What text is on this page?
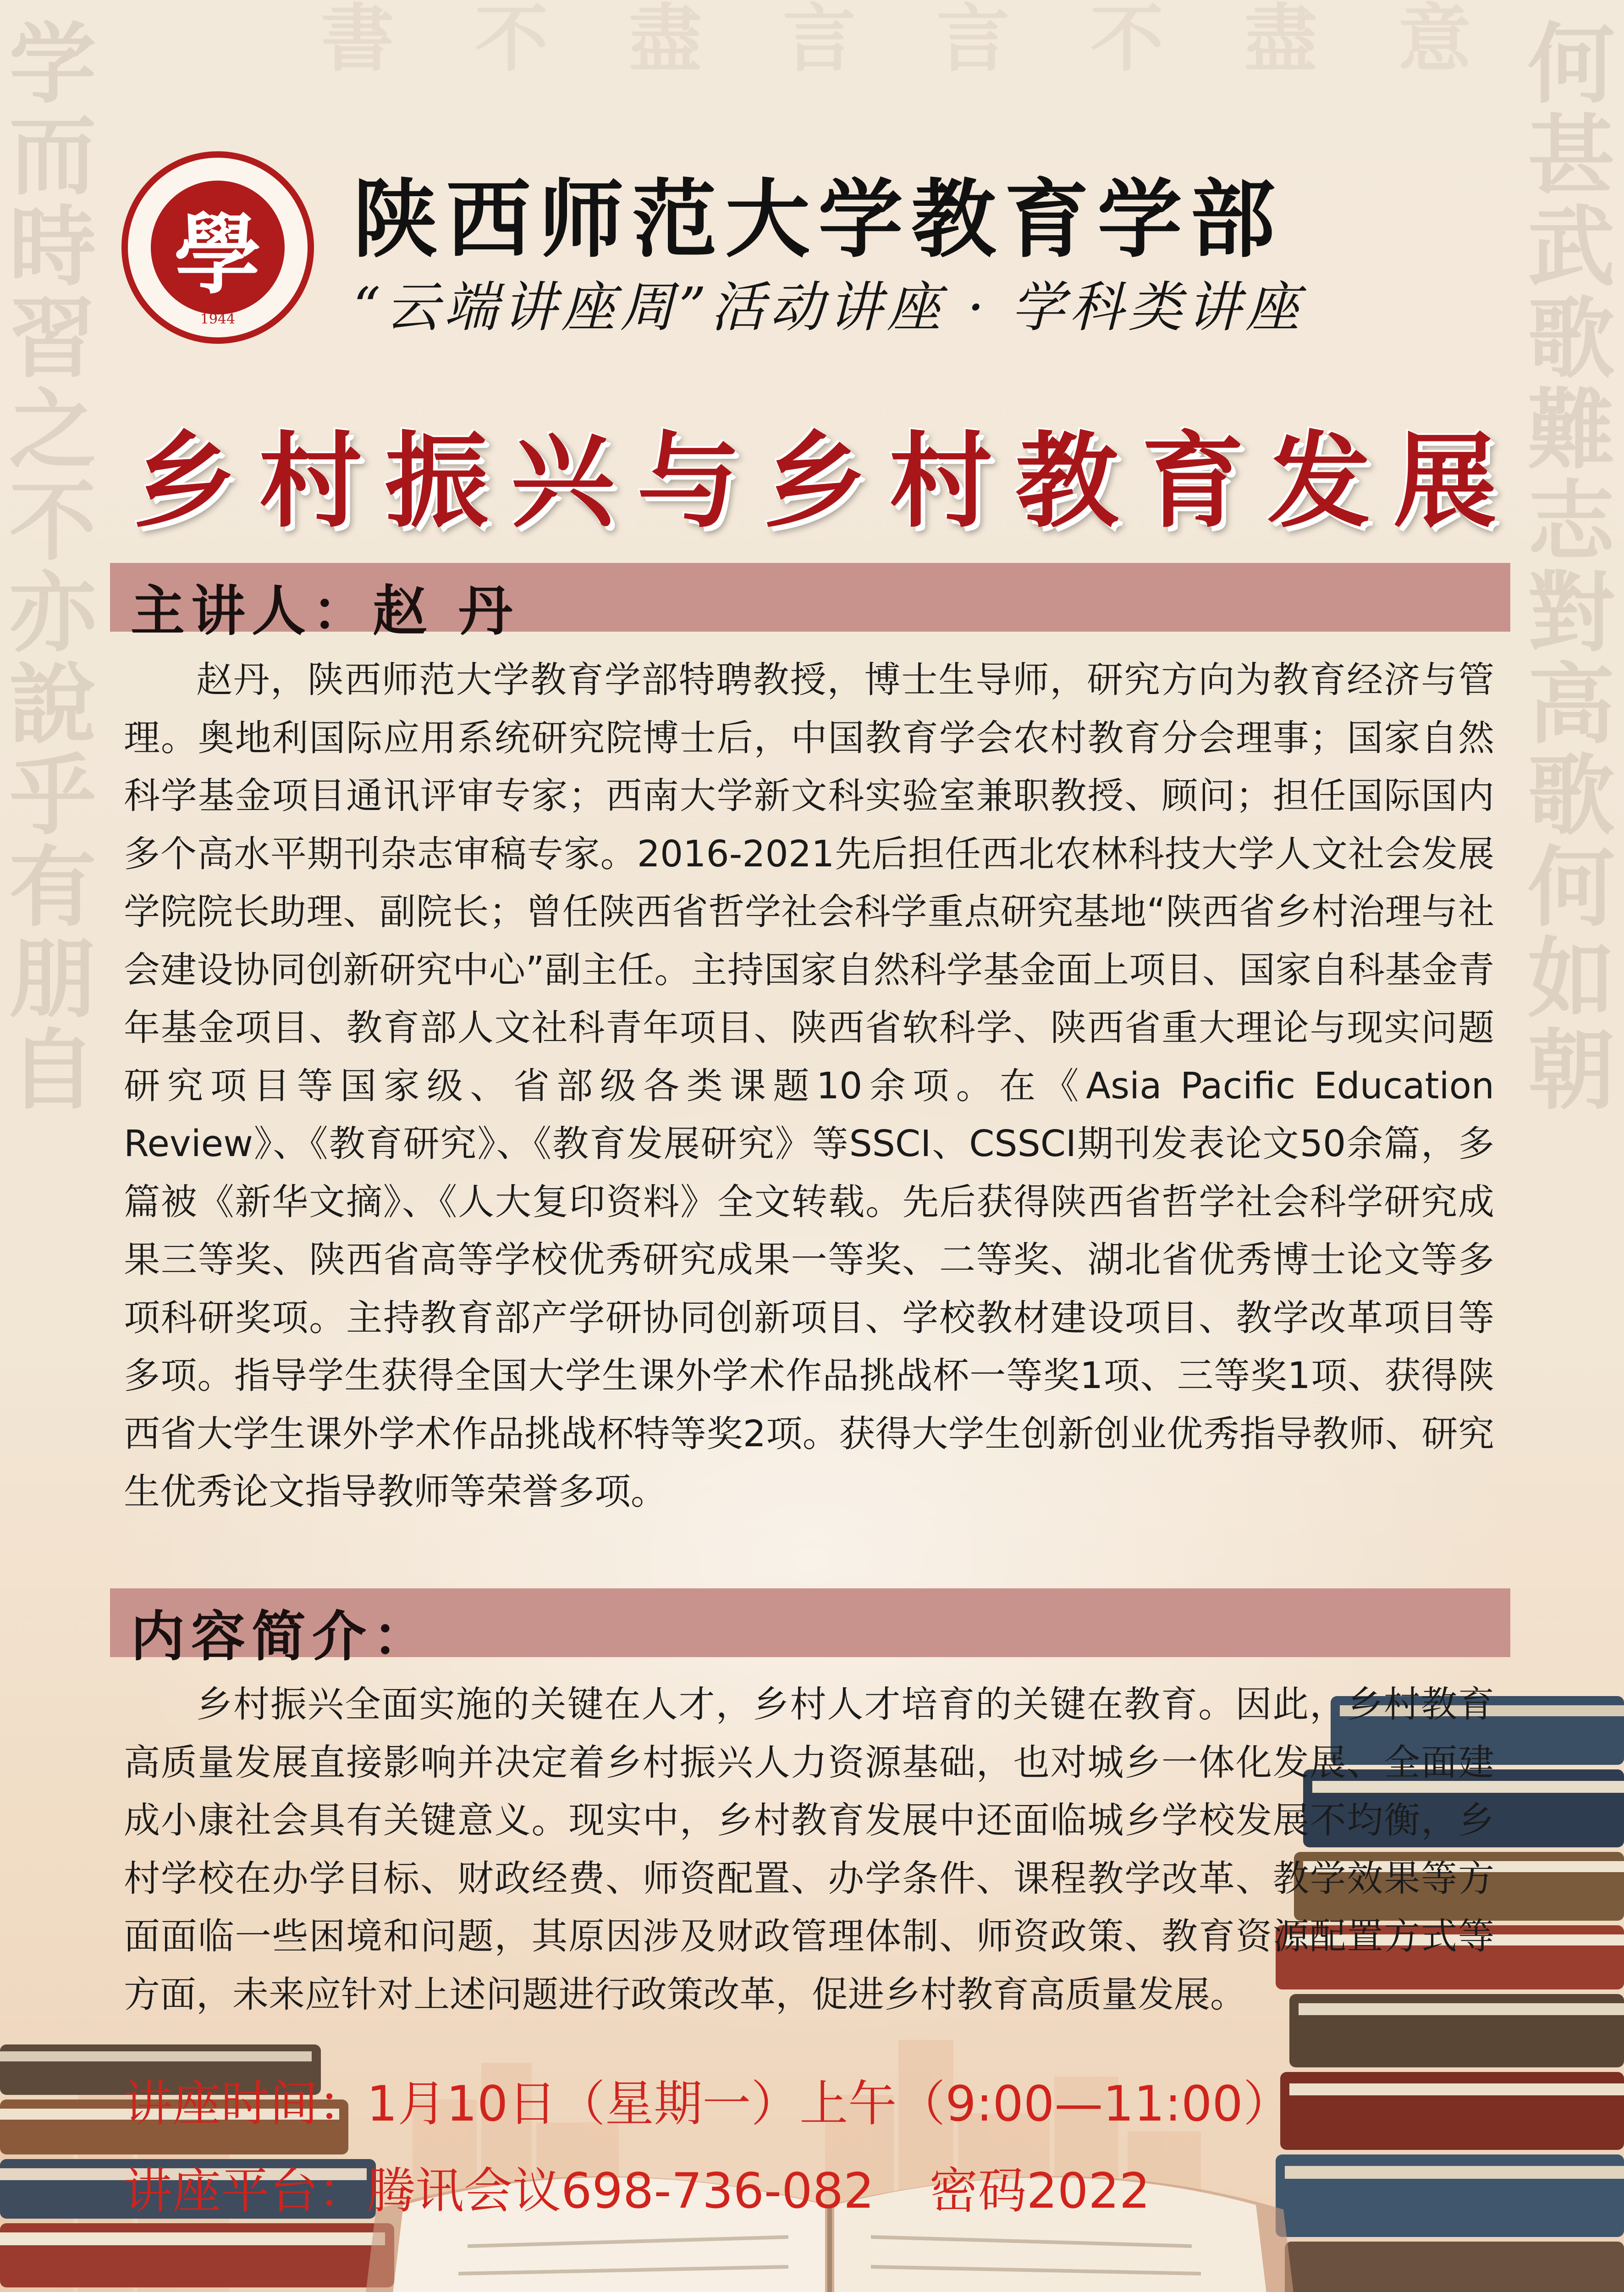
学
而
時
習
之
不
亦
說
乎
有
朋
自
何
甚
武
歌
難
志
對
高
歌
何
如
朝
書 不 盡 言 言 不 盡 意
學
1944
陕西师范大学教育学部
“云端讲座周”活动讲座 · 学科类讲座
乡村振兴与乡村教育发展
主讲人：赵 丹

赵丹，陕西师范大学教育学部特聘教授，博士生导师，研究方向为教育经济与管理。奥地利国际应用系统研究院博士后，中国教育学会农村教育分会理事；国家自然科学基金项目通讯评审专家；西南大学新文科实验室兼职教授、顾问；担任国际国内多个高水平期刊杂志审稿专家。2016-2021先后担任西北农林科技大学人文社会发展学院院长助理、副院长；曾任陕西省哲学社会科学重点研究基地“陕西省乡村治理与社会建设协同创新研究中心”副主任。主持国家自然科学基金面上项目、国家自科基金青年基金项目、教育部人文社科青年项目、陕西省软科学、陕西省重大理论与现实问题研究项目等国家级、省部级各类课题10余项。在《Asia Pacific Education Review》、《教育研究》、《教育发展研究》等SSCI、CSSCI期刊发表论文50余篇，多篇被《新华文摘》、《人大复印资料》全文转载。先后获得陕西省哲学社会科学研究成果三等奖、陕西省高等学校优秀研究成果一等奖、二等奖、湖北省优秀博士论文等多项科研奖项。主持教育部产学研协同创新项目、学校教材建设项目、教学改革项目等多项。指导学生获得全国大学生课外学术作品挑战杯一等奖1项、三等奖1项、获得陕西省大学生课外学术作品挑战杯特等奖2项。获得大学生创新创业优秀指导教师、研究生优秀论文指导教师等荣誉多项。

内容简介：

乡村振兴全面实施的关键在人才，乡村人才培育的关键在教育。因此，乡村教育高质量发展直接影响并决定着乡村振兴人力资源基础，也对城乡一体化发展、全面建成小康社会具有关键意义。现实中，乡村教育发展中还面临城乡学校发展不均衡，乡村学校在办学目标、财政经费、师资配置、办学条件、课程教学改革、教学效果等方面面临一些困境和问题，其原因涉及财政管理体制、师资政策、教育资源配置方式等方面，未来应针对上述问题进行政策改革，促进乡村教育高质量发展。

讲座时间：1月10日（星期一）上午（9:00—11:00）
讲座平台：腾讯会议698-736-082 密码2022
